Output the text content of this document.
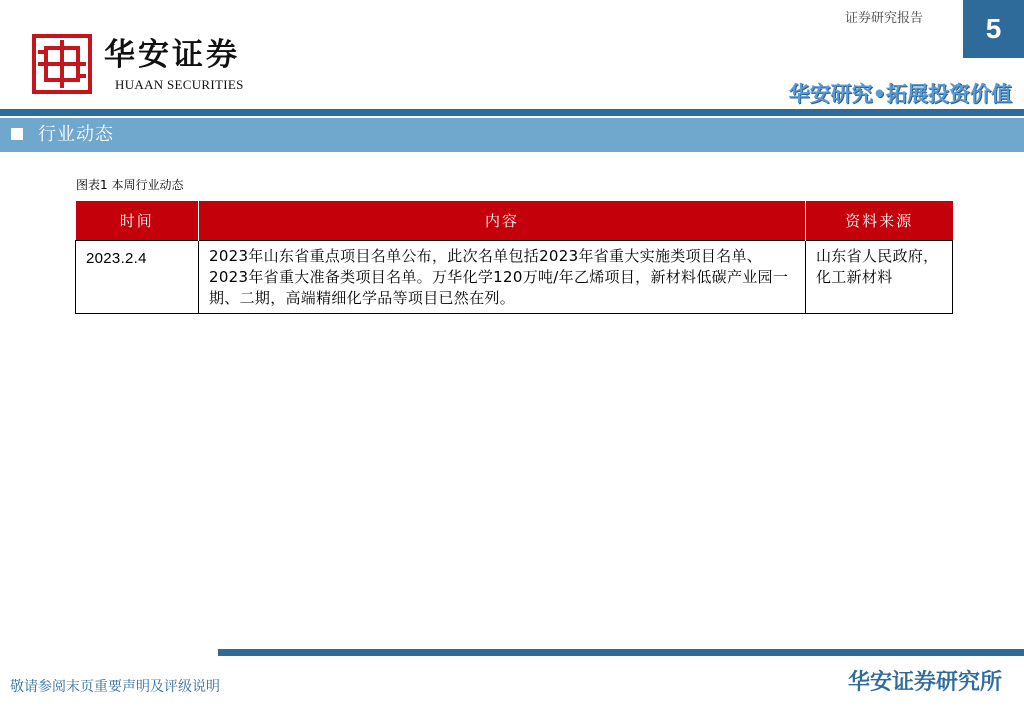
华安证券
HUAAN SECURITIES
证券研究报告	5
华安研究•拓展投资价值
行业动态
图表1 本周行业动态
时间	内容	资料来源
2023.2.4	2023年山东省重点项目名单公布，此次名单包括2023年省重大实施类项目名单、2023年省重大准备类项目名单。万华化学120万吨/年乙烯项目，新材料低碳产业园一期、二期，高端精细化学品等项目已然在列。	山东省人民政府，化工新材料
敬请参阅末页重要声明及评级说明	华安证券研究所
